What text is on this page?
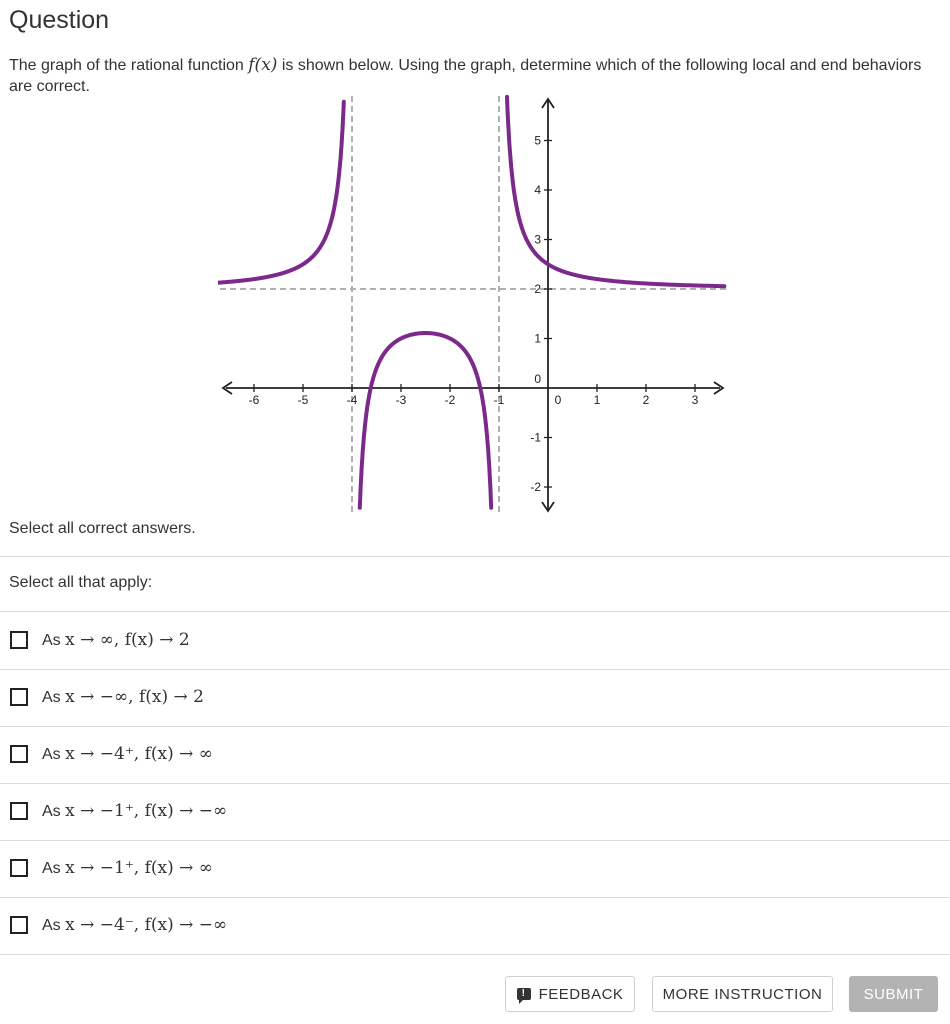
Question
The graph of the rational function f(x) is shown below. Using the graph, determine which of the following local and end behaviors are correct.
-6	-5	-4	-3	-2	-1	0	1	2	3
5
4
3
2
1
0
-1
-2
Select all correct answers.
Select all that apply:
As x → ∞, f(x) → 2
As x → −∞, f(x) → 2
As x → −4⁺, f(x) → ∞
As x → −1⁺, f(x) → −∞
As x → −1⁺, f(x) → ∞
As x → −4⁻, f(x) → −∞
! FEEDBACK	MORE INSTRUCTION	SUBMIT
